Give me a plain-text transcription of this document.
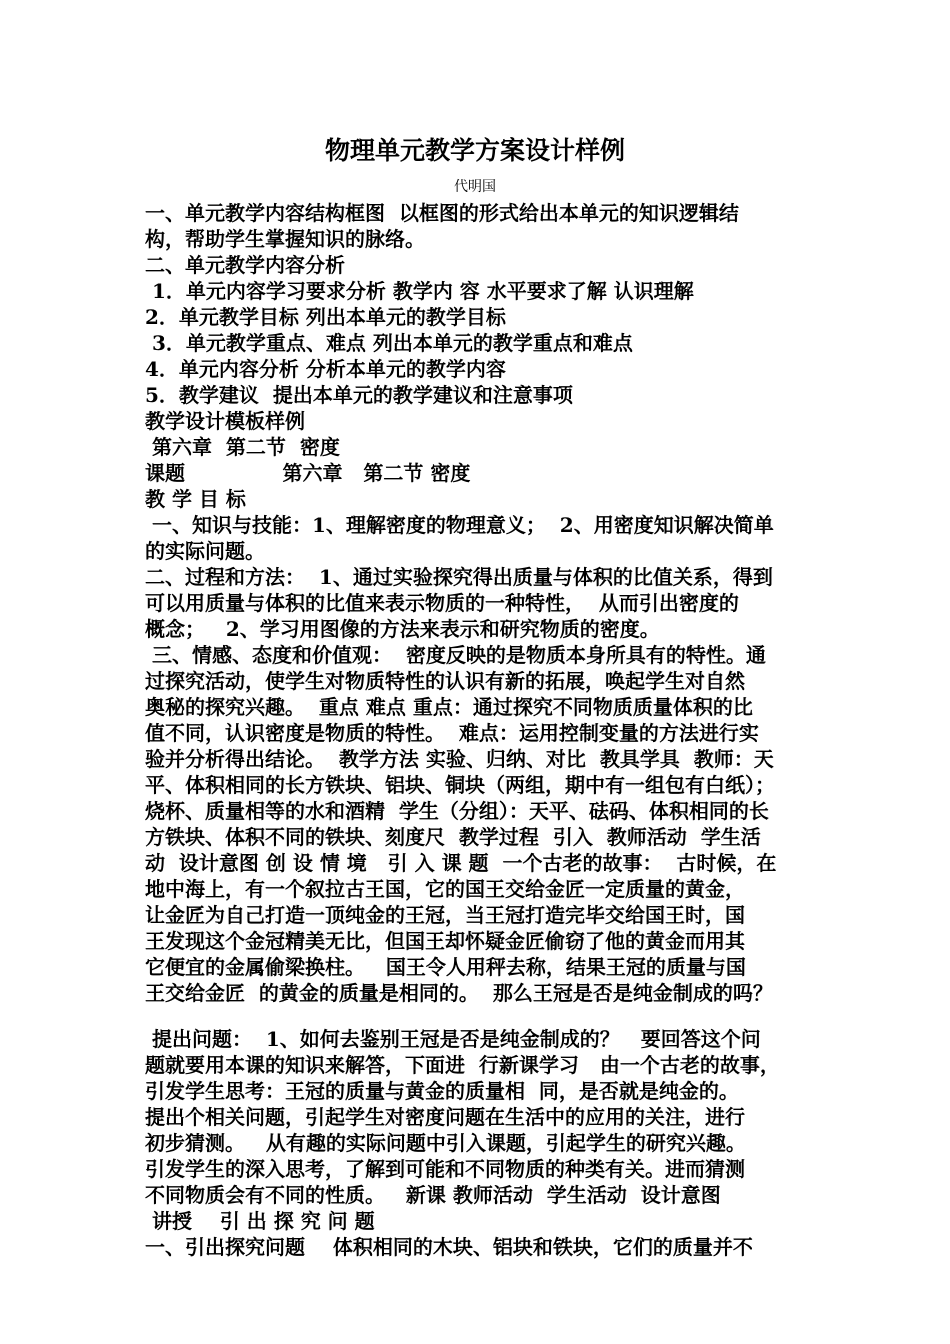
物理单元教学方案设计样例
代明国
一、单元教学内容结构框图  以框图的形式给出本单元的知识逻辑结
构，帮助学生掌握知识的脉络。
二、单元教学内容分析
1．单元内容学习要求分析 教学内 容 水平要求了解 认识理解
2．单元教学目标 列出本单元的教学目标
3．单元教学重点、难点 列出本单元的教学重点和难点
4．单元内容分析 分析本单元的教学内容
5．教学建议  提出本单元的教学建议和注意事项
教学设计模板样例
第六章  第二节  密度
课题              第六章   第二节 密度
教 学 目 标
一、知识与技能：1、理解密度的物理意义；  2、用密度知识解决简单
的实际问题。
二、过程和方法：  1、通过实验探究得出质量与体积的比值关系，得到
可以用质量与体积的比值来表示物质的一种特性，  从而引出密度的
概念；   2、学习用图像的方法来表示和研究物质的密度。
三、情感、态度和价值观：  密度反映的是物质本身所具有的特性。通
过探究活动，使学生对物质特性的认识有新的拓展，唤起学生对自然
奥秘的探究兴趣。  重点 难点 重点：通过探究不同物质质量体积的比
值不同，认识密度是物质的特性。  难点：运用控制变量的方法进行实
验并分析得出结论。  教学方法 实验、归纳、对比  教具学具  教师：天
平、体积相同的长方铁块、铝块、铜块（两组，期中有一组包有白纸）；
烧杯、质量相等的水和酒精  学生（分组）：天平、砝码、体积相同的长
方铁块、体积不同的铁块、刻度尺  教学过程  引入  教师活动  学生活
动  设计意图 创 设 情 境   引 入 课 题  一个古老的故事：  古时候，在
地中海上，有一个叙拉古王国，它的国王交给金匠一定质量的黄金，
让金匠为自己打造一顶纯金的王冠，当王冠打造完毕交给国王时，国
王发现这个金冠精美无比，但国王却怀疑金匠偷窃了他的黄金而用其
它便宜的金属偷梁换柱。   国王令人用秤去称，结果王冠的质量与国
王交给金匠  的黄金的质量是相同的。  那么王冠是否是纯金制成的吗？
提出问题：  1、如何去鉴别王冠是否是纯金制成的？   要回答这个问
题就要用本课的知识来解答，下面进  行新课学习   由一个古老的故事，
引发学生思考：王冠的质量与黄金的质量相  同，是否就是纯金的。
提出个相关问题，引起学生对密度问题在生活中的应用的关注，进行
初步猜测。   从有趣的实际问题中引入课题，引起学生的研究兴趣。
引发学生的深入思考，了解到可能和不同物质的种类有关。进而猜测
不同物质会有不同的性质。   新课 教师活动  学生活动  设计意图
讲授    引 出 探 究 问 题
一、引出探究问题    体积相同的木块、铝块和铁块，它们的质量并不
